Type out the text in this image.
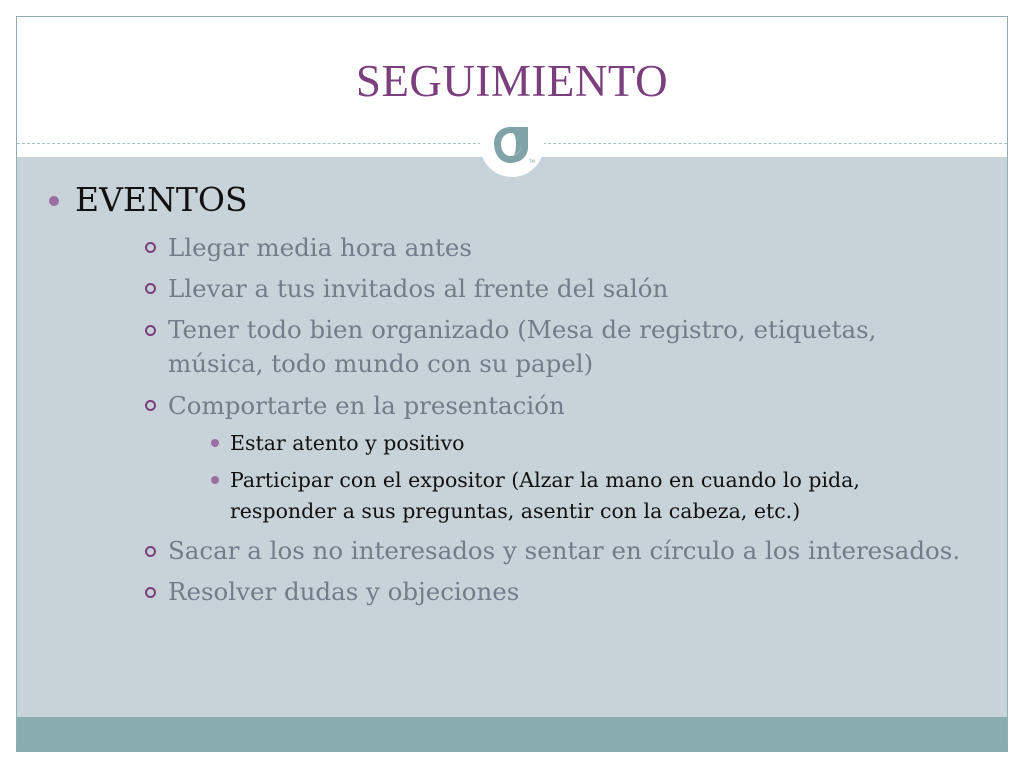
SEGUIMIENTO
TM
EVENTOS
Llegar media hora antes
Llevar a tus invitados al frente del salón
Tener todo bien organizado (Mesa de registro, etiquetas,
música, todo mundo con su papel)
Comportarte en la presentación
Estar atento y positivo
Participar con el expositor (Alzar la mano en cuando lo pida,
responder a sus preguntas, asentir con la cabeza, etc.)
Sacar a los no interesados y sentar en círculo a los interesados.
Resolver dudas y objeciones
